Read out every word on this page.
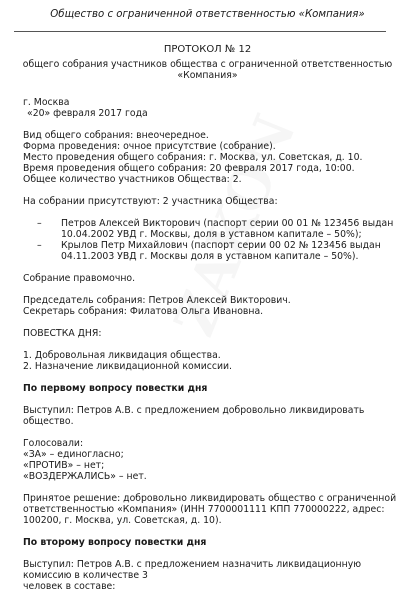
Общество с ограниченной ответственностью «Компания»
ПРОТОКОЛ № 12
общего собрания участников общества с ограниченной ответственностью «Компания»

г. Москва

«20» февраля 2017 года

Вид общего собрания: внеочередное.

Форма проведения: очное присутствие (собрание).

Место проведения общего собрания: г. Москва, ул. Советская, д. 10.

Время проведения общего собрания: 20 февраля 2017 года, 10:00.

Общее количество участников Общества: 2.

На собрании присутствуют: 2 участника Общества:

– Петров Алексей Викторович (паспорт серии 00 01 № 123456 выдан 10.04.2002 УВД г. Москвы, доля в уставном капитале – 50%);
– Крылов Петр Михайлович (паспорт серии 00 02 № 123456 выдан 04.11.2003 УВД г. Москвы доля в уставном капитале – 50%).

Собрание правомочно.

Председатель собрания: Петров Алексей Викторович.

Секретарь собрания: Филатова Ольга Ивановна.

ПОВЕСТКА ДНЯ:

1. Добровольная ликвидация общества.

2. Назначение ликвидационной комиссии.

По первому вопросу повестки дня

Выступил: Петров А.В. с предложением добровольно ликвидировать общество.

Голосовали:

«ЗА» – единогласно;

«ПРОТИВ» – нет;

«ВОЗДЕРЖАЛИСЬ» – нет.

Принятое решение: добровольно ликвидировать общество с ограниченной ответственностью «Компания» (ИНН 7700001111 КПП 770000222, адрес: 100200, г. Москва, ул. Советская, д. 10).

По второму вопросу повестки дня

Выступил: Петров А.В. с предложением назначить ликвидационную

комиссию в количестве 3

человек в составе:
